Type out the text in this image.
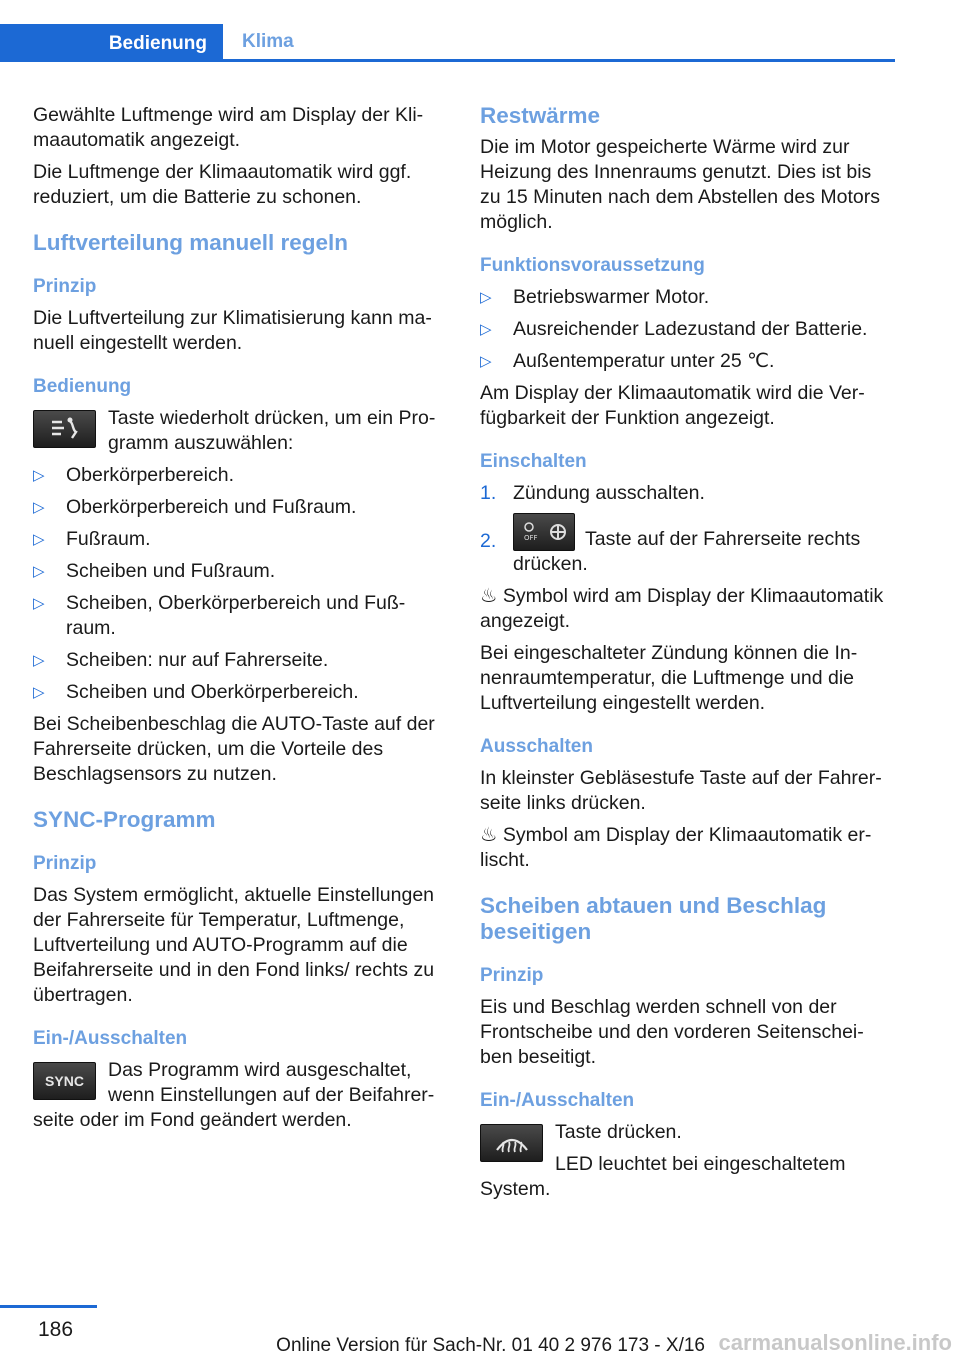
Bedienung	Klima

Gewählte Luftmenge wird am Display der Kli‐maautomatik angezeigt.

Die Luftmenge der Klimaautomatik wird ggf. reduziert, um die Batterie zu schonen.

Luftverteilung manuell regeln
Prinzip

Die Luftverteilung zur Klimatisierung kann ma‐nuell eingestellt werden.

Bedienung

Taste wiederholt drücken, um ein Pro‐gramm auszuwählen:

▷ Oberkörperbereich.
▷ Oberkörperbereich und Fußraum.
▷ Fußraum.
▷ Scheiben und Fußraum.
▷ Scheiben, Oberkörperbereich und Fuß‐raum.
▷ Scheiben: nur auf Fahrerseite.
▷ Scheiben und Oberkörperbereich.

Bei Scheibenbeschlag die AUTO-Taste auf der Fahrerseite drücken, um die Vorteile des Beschlagsensors zu nutzen.

SYNC-Programm
Prinzip

Das System ermöglicht, aktuelle Einstellungen der Fahrerseite für Temperatur, Luftmenge, Luftverteilung und AUTO-Programm auf die Beifahrerseite und in den Fond links/ rechts zu übertragen.

Ein-/Ausschalten
SYNC	Das Programm wird ausgeschaltet, wenn Einstellungen auf der Beifahrer‐seite oder im Fond geändert werden.

Restwärme

Die im Motor gespeicherte Wärme wird zur Heizung des Innenraums genutzt. Dies ist bis zu 15 Minuten nach dem Abstellen des Motors möglich.

Funktionsvoraussetzung
▷ Betriebswarmer Motor.
▷ Ausreichender Ladezustand der Batterie.
▷ Außentemperatur unter 25 ℃.

Am Display der Klimaautomatik wird die Ver‐fügbarkeit der Funktion angezeigt.

Einschalten
1. Zündung ausschalten.
2.	OFF Taste auf der Fahrerseite rechts drücken.

♨ Symbol wird am Display der Klimaautomatik angezeigt.

Bei eingeschalteter Zündung können die In‐nenraumtemperatur, die Luftmenge und die Luftverteilung eingestellt werden.

Ausschalten

In kleinster Gebläsestufe Taste auf der Fahrer‐seite links drücken.

♨ Symbol am Display der Klimaautomatik er‐lischt.

Scheiben abtauen und Beschlag beseitigen
Prinzip

Eis und Beschlag werden schnell von der Frontscheibe und den vorderen Seitenschei‐ben beseitigt.

Ein-/Ausschalten

Taste drücken.

LED leuchtet bei eingeschaltetem System.

186
Online Version für Sach-Nr. 01 40 2 976 173 - X/16 carmanualsonline.info
